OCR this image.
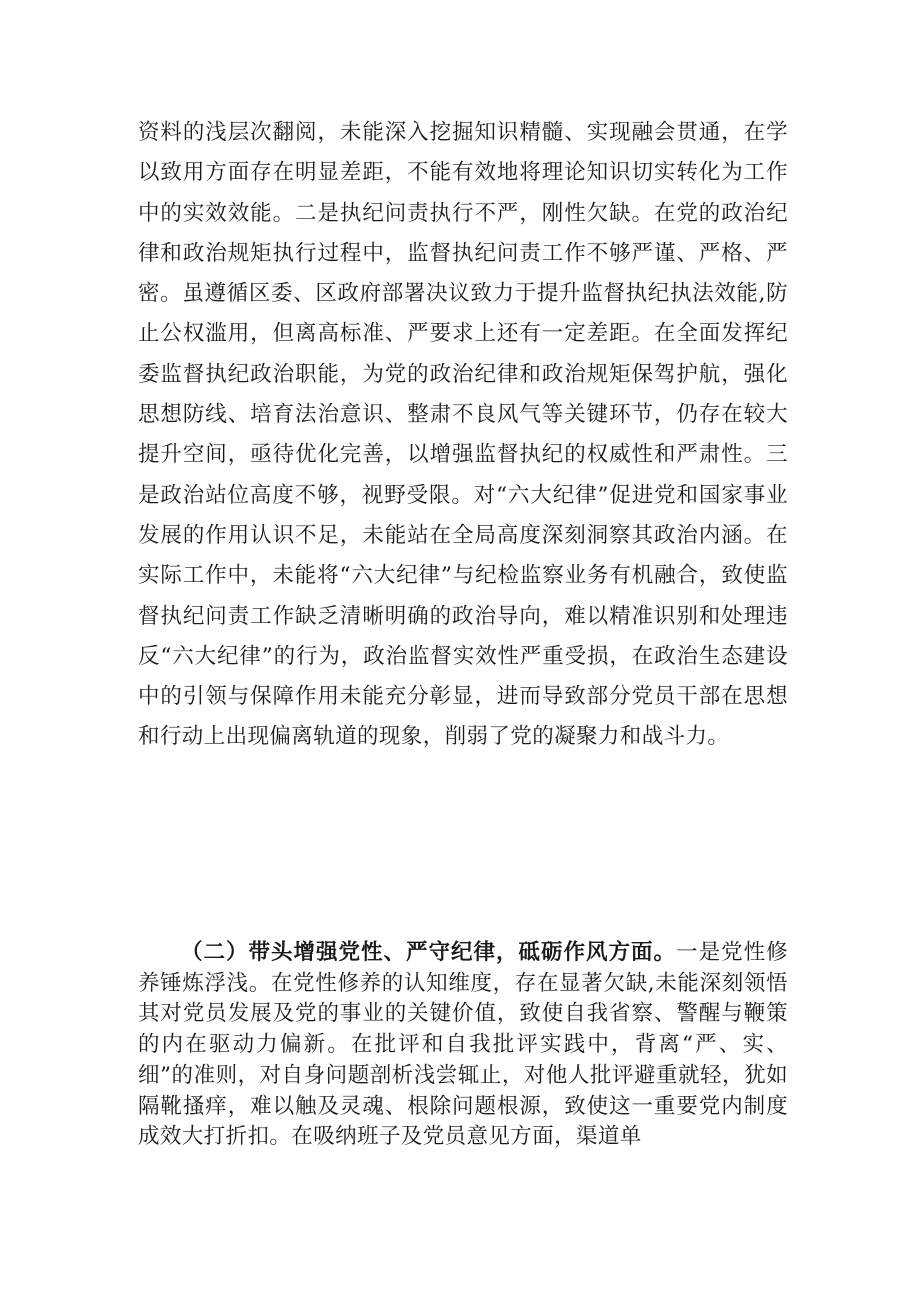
资料的浅层次翻阅，未能深入挖掘知识精髓、实现融会贯通，在学以致用方面存在明显差距，不能有效地将理论知识切实转化为工作中的实效效能。二是执纪问责执行不严，刚性欠缺。在党的政治纪律和政治规矩执行过程中，监督执纪问责工作不够严谨、严格、严密。虽遵循区委、区政府部署决议致力于提升监督执纪执法效能,防止公权滥用，但离高标准、严要求上还有一定差距。在全面发挥纪委监督执纪政治职能，为党的政治纪律和政治规矩保驾护航，强化思想防线、培育法治意识、整肃不良风气等关键环节，仍存在较大提升空间，亟待优化完善，以增强监督执纪的权威性和严肃性。三是政治站位高度不够，视野受限。对“六大纪律”促进党和国家事业发展的作用认识不足，未能站在全局高度深刻洞察其政治内涵。在实际工作中，未能将“六大纪律”与纪检监察业务有机融合，致使监督执纪问责工作缺乏清晰明确的政治导向，难以精准识别和处理违反“六大纪律”的行为，政治监督实效性严重受损，在政治生态建设中的引领与保障作用未能充分彰显，进而导致部分党员干部在思想和行动上出现偏离轨道的现象，削弱了党的凝聚力和战斗力。

（二）带头增强党性、严守纪律，砥砺作风方面。一是党性修养锤炼浮浅。在党性修养的认知维度，存在显著欠缺,未能深刻领悟其对党员发展及党的事业的关键价值，致使自我省察、警醒与鞭策的内在驱动力偏新。在批评和自我批评实践中，背离“严、实、细”的准则，对自身问题剖析浅尝辄止，对他人批评避重就轻，犹如隔靴搔痒，难以触及灵魂、根除问题根源，致使这一重要党内制度成效大打折扣。在吸纳班子及党员意见方面，渠道单
